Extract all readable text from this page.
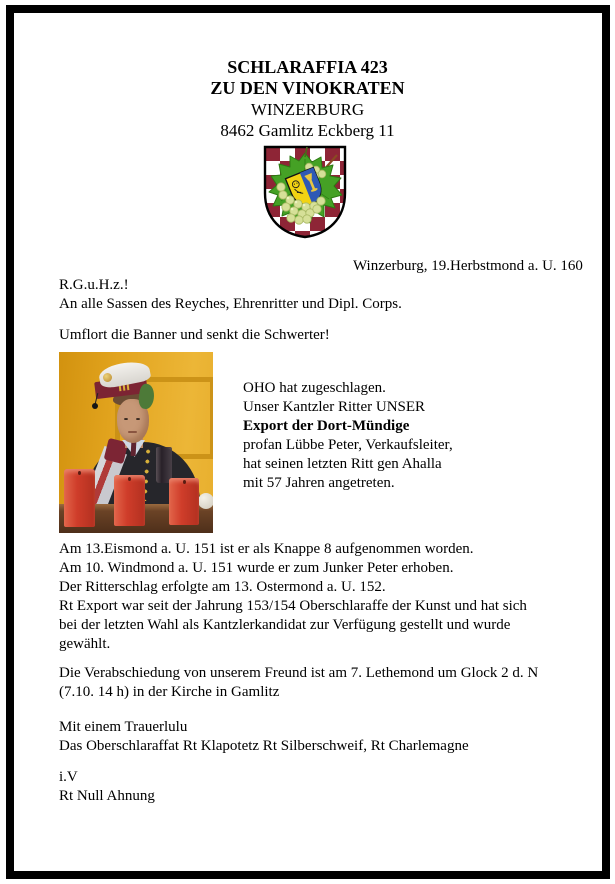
SCHLARAFFIA 423
ZU DEN VINOKRATEN
WINZERBURG
8462 Gamlitz Eckberg 11
Winzerburg, 19.Herbstmond a. U. 160
R.G.u.H.z.!
An alle Sassen des Reyches, Ehrenritter und Dipl. Corps.
Umflort die Banner und senkt die Schwerter!
OHO hat zugeschlagen.
Unser Kantzler Ritter UNSER
Export der Dort-Mündige
profan Lübbe Peter, Verkaufsleiter,
hat seinen letzten Ritt gen Ahalla
mit 57 Jahren angetreten.
Am 13.Eismond a. U. 151 ist er als Knappe 8 aufgenommen worden.
Am 10. Windmond a. U. 151 wurde er zum Junker Peter erhoben.
Der Ritterschlag erfolgte am 13. Ostermond a. U. 152.
Rt Export war seit der Jahrung 153/154 Oberschlaraffe der Kunst und hat sich
bei der letzten Wahl als Kantzlerkandidat zur Verfügung gestellt und wurde
gewählt.
Die Verabschiedung von unserem Freund ist am 7. Lethemond um Glock 2 d. N
(7.10. 14 h) in der Kirche in Gamlitz
Mit einem Trauerlulu
Das Oberschlaraffat Rt Klapotetz Rt Silberschweif, Rt Charlemagne
i.V
Rt Null Ahnung
